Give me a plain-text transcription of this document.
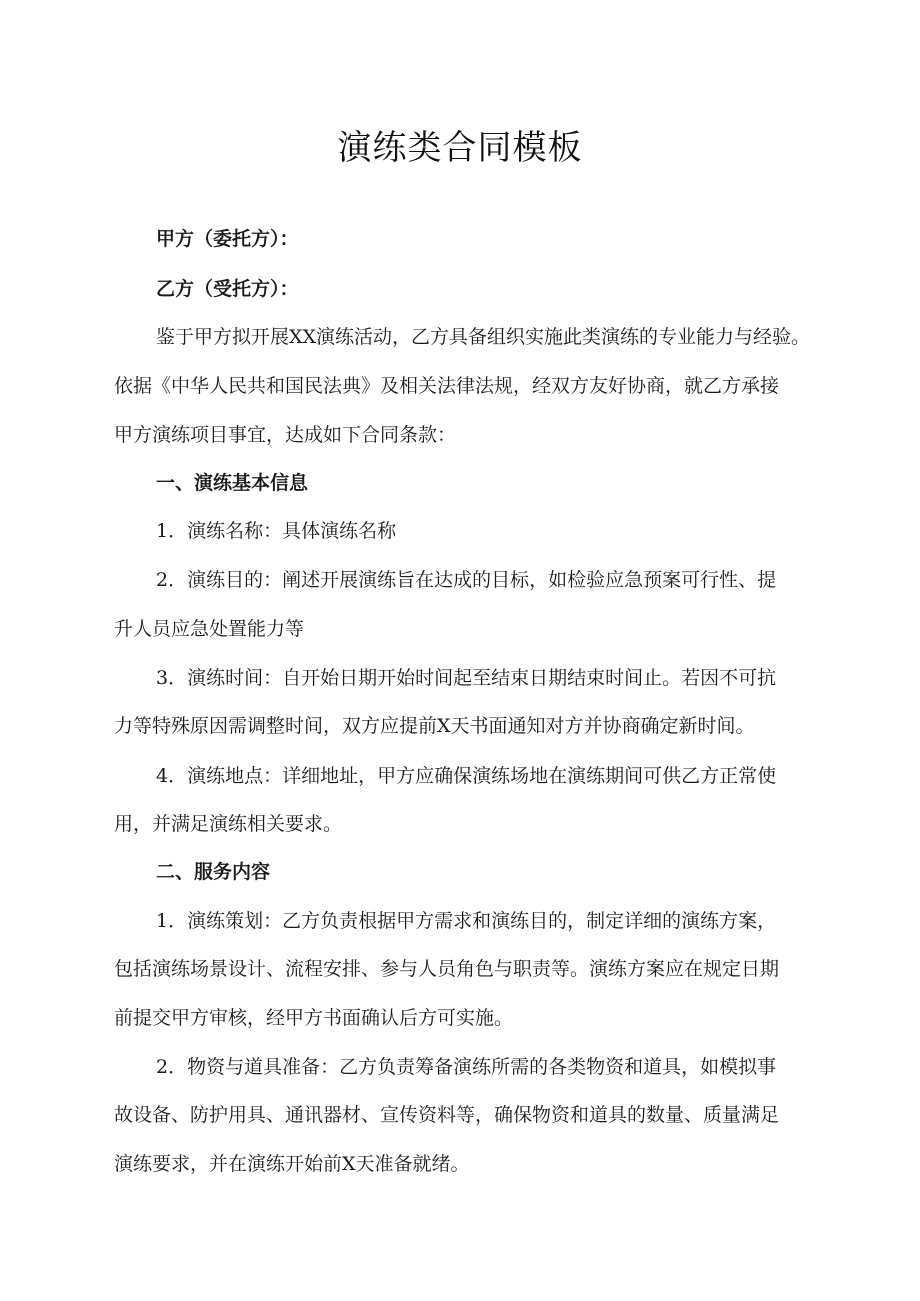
演练类合同模板

甲方（委托方）：

乙方（受托方）：

鉴于甲方拟开展XX演练活动，乙方具备组织实施此类演练的专业能力与经验。

依据《中华人民共和国民法典》及相关法律法规，经双方友好协商，就乙方承接

甲方演练项目事宜，达成如下合同条款：

一、演练基本信息

1．演练名称：具体演练名称

2．演练目的：阐述开展演练旨在达成的目标，如检验应急预案可行性、提

升人员应急处置能力等

3．演练时间：自开始日期开始时间起至结束日期结束时间止。若因不可抗

力等特殊原因需调整时间，双方应提前X天书面通知对方并协商确定新时间。

4．演练地点：详细地址，甲方应确保演练场地在演练期间可供乙方正常使

用，并满足演练相关要求。

二、服务内容

1．演练策划：乙方负责根据甲方需求和演练目的，制定详细的演练方案，

包括演练场景设计、流程安排、参与人员角色与职责等。演练方案应在规定日期

前提交甲方审核，经甲方书面确认后方可实施。

2．物资与道具准备：乙方负责筹备演练所需的各类物资和道具，如模拟事

故设备、防护用具、通讯器材、宣传资料等，确保物资和道具的数量、质量满足

演练要求，并在演练开始前X天准备就绪。
